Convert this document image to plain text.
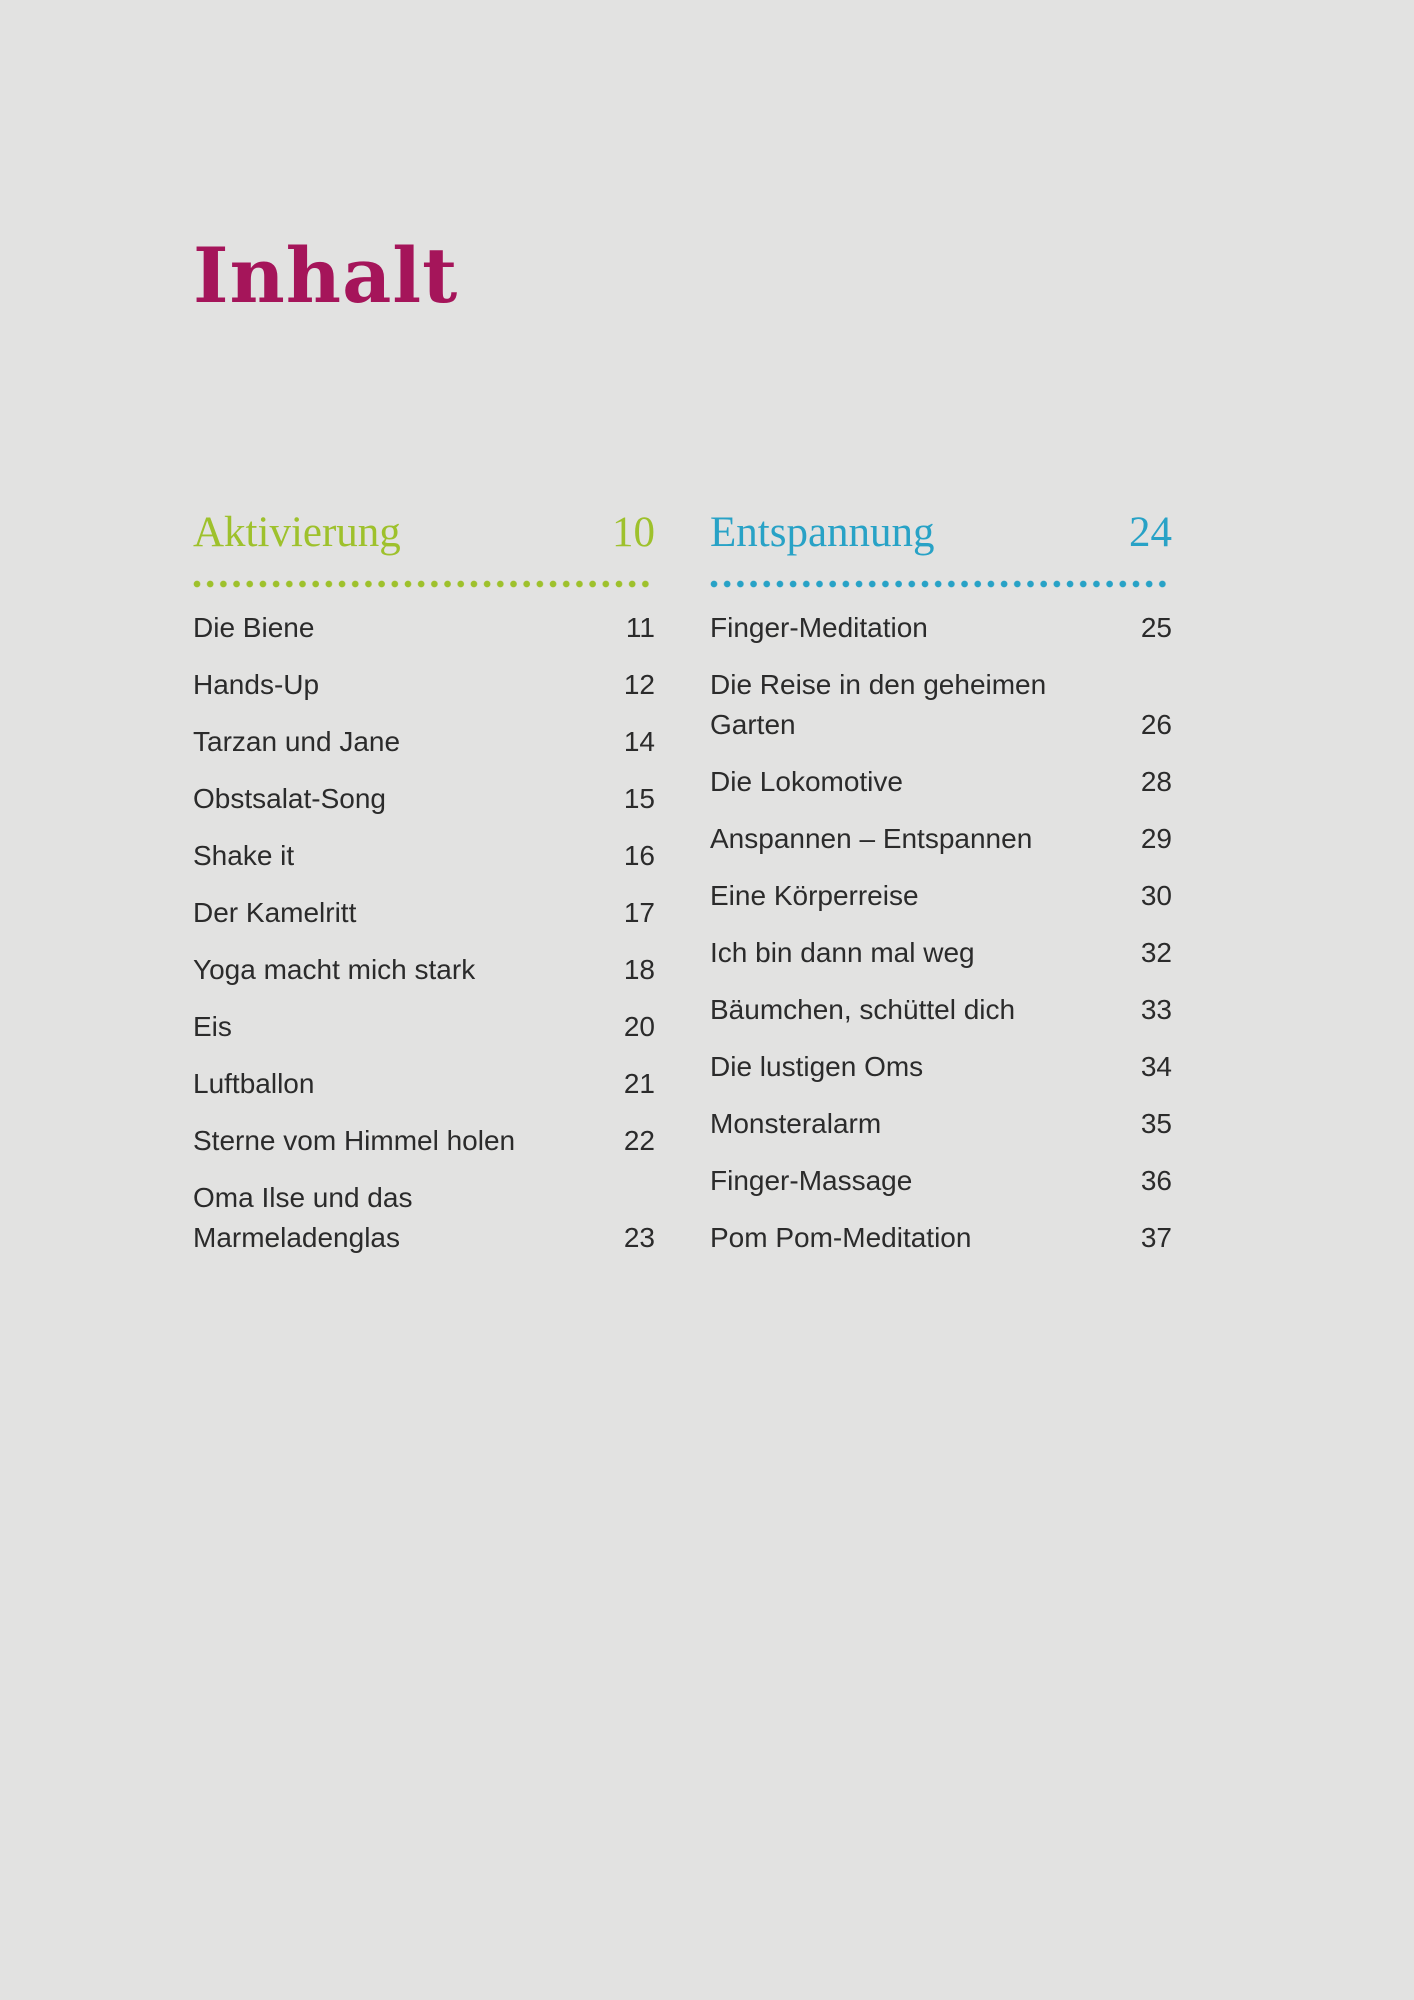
Inhalt
Aktivierung	10
Die Biene	11
Hands-Up	12
Tarzan und Jane	14
Obstsalat-Song	15
Shake it	16
Der Kamelritt	17
Yoga macht mich stark	18
Eis	20
Luftballon	21
Sterne vom Himmel holen	22
Oma Ilse und das Marmeladenglas	23
Entspannung	24
Finger-Meditation	25
Die Reise in den geheimen Garten	26
Die Lokomotive	28
Anspannen – Entspannen	29
Eine Körperreise	30
Ich bin dann mal weg	32
Bäumchen, schüttel dich	33
Die lustigen Oms	34
Monsteralarm	35
Finger-Massage	36
Pom Pom-Meditation	37
